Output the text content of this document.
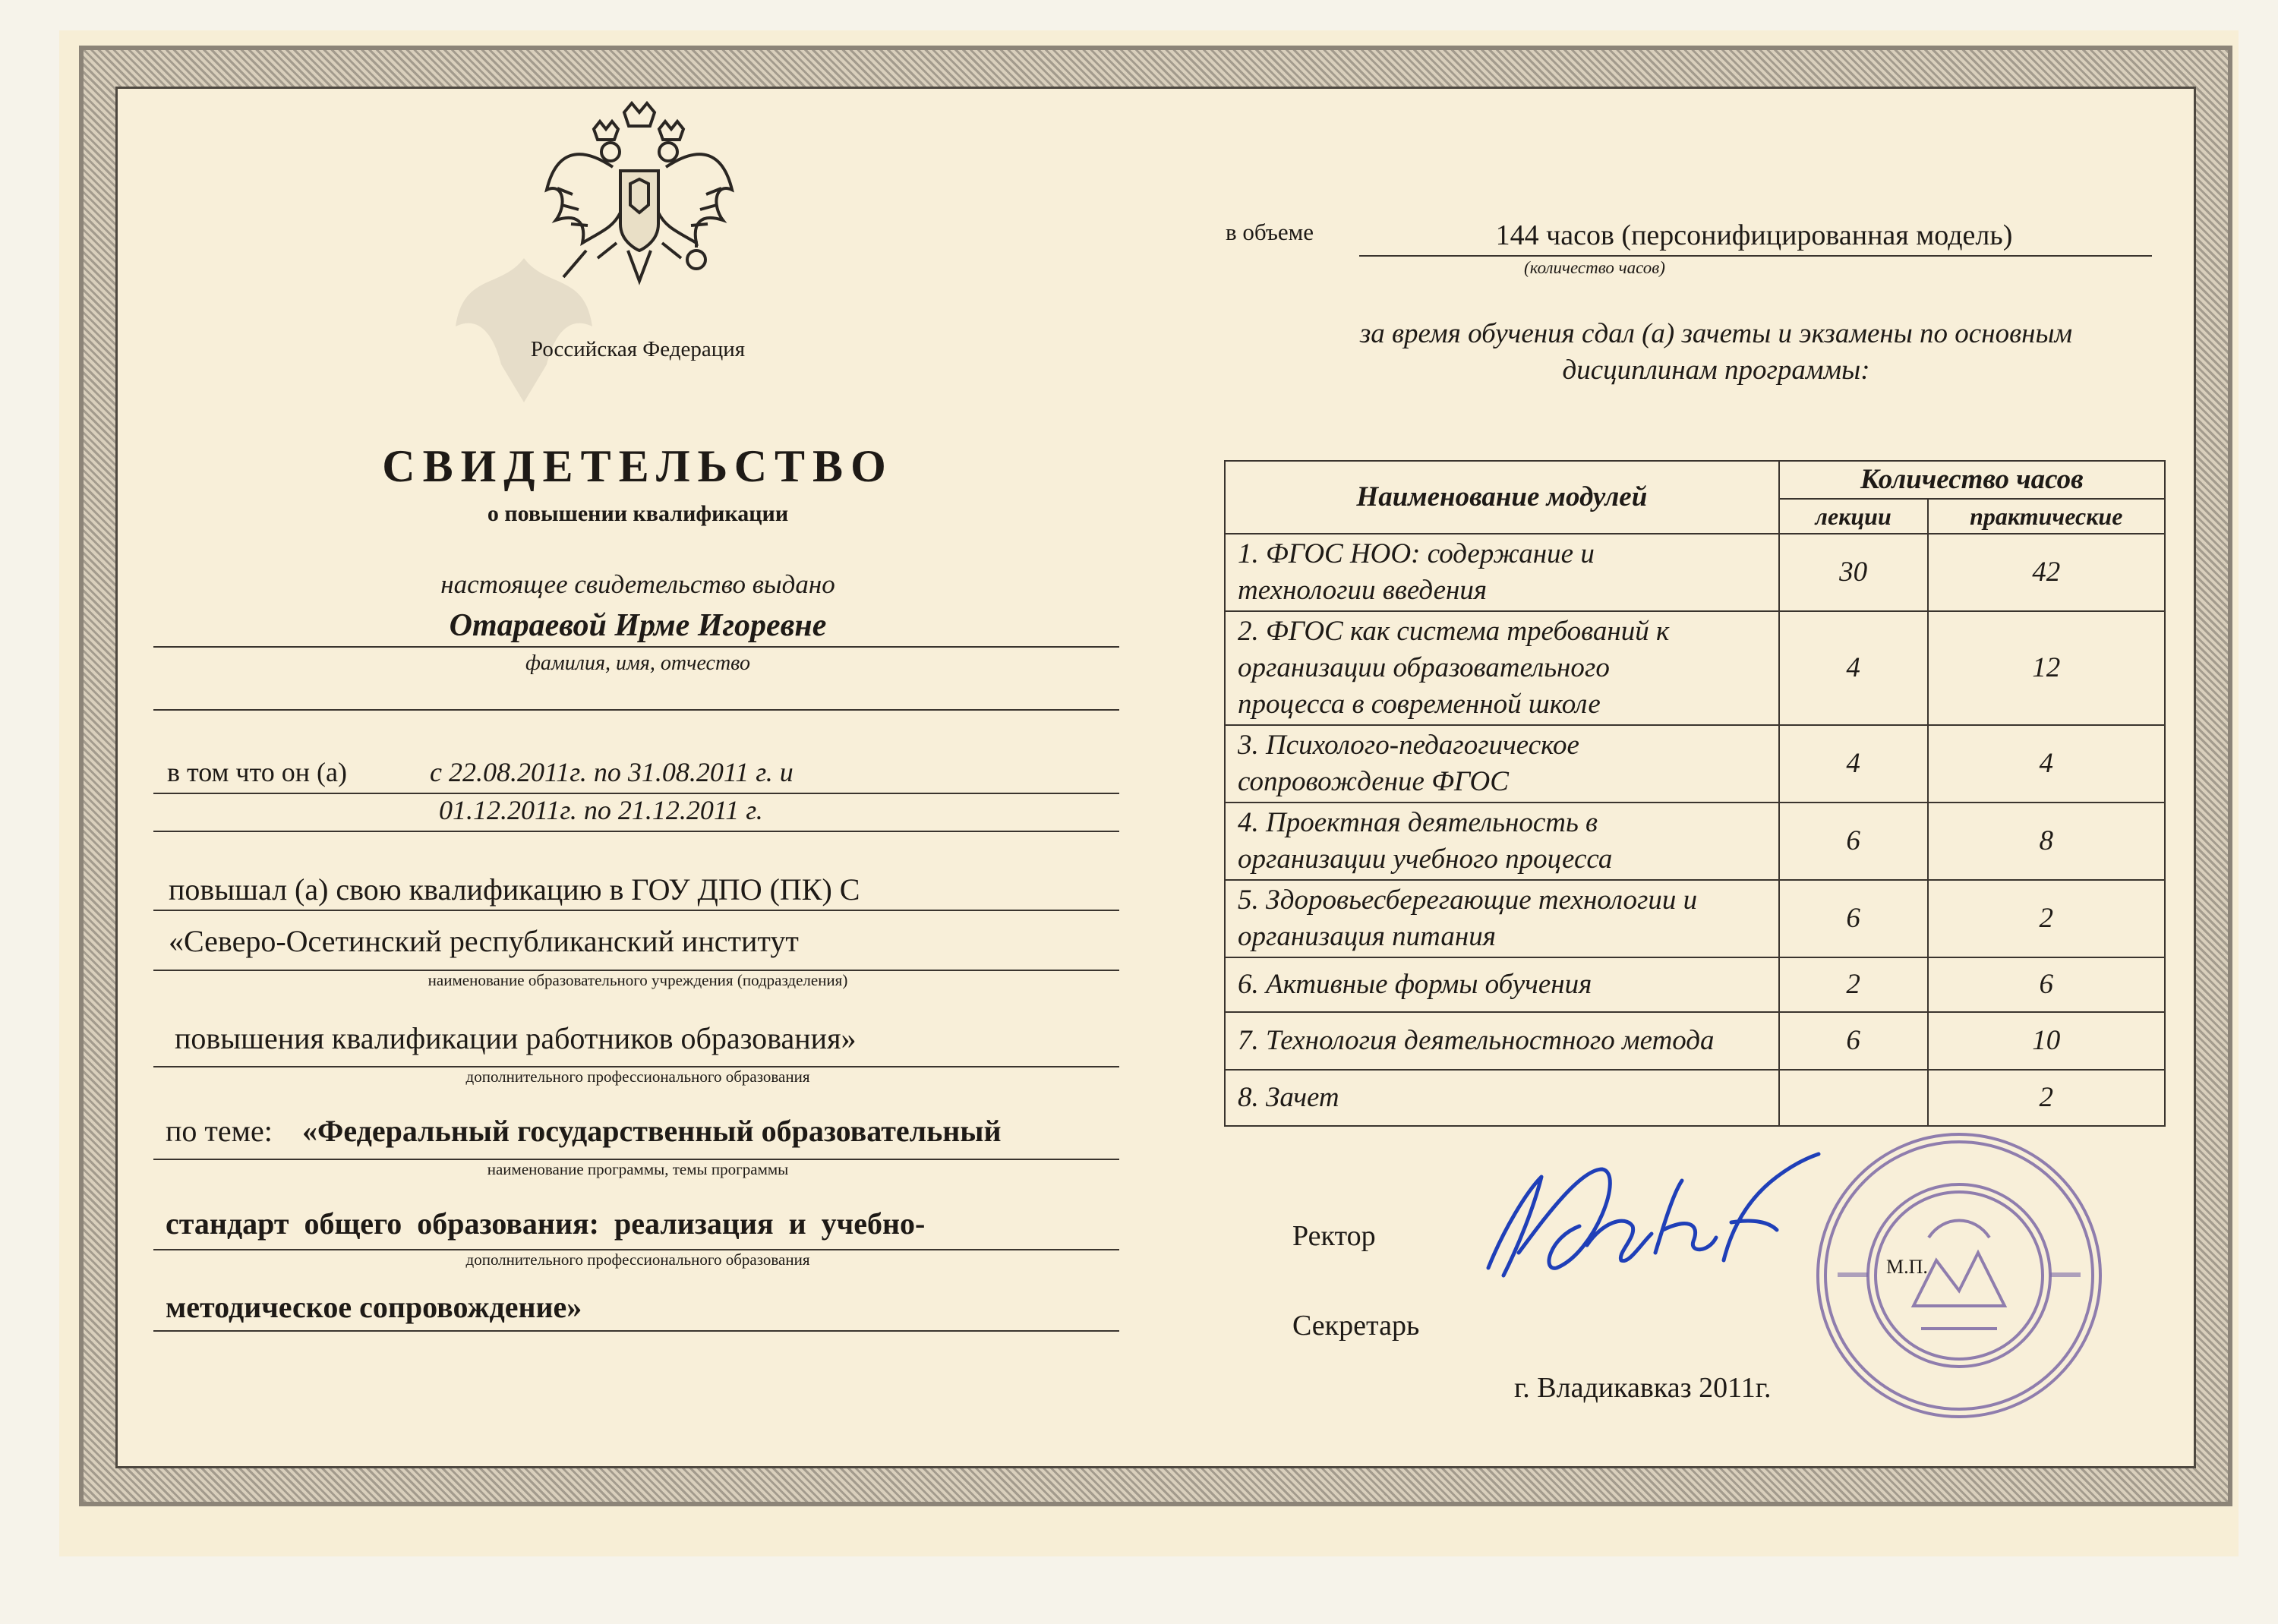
Российская Федерация
СВИДЕТЕЛЬСТВО
о повышении квалификации
настоящее свидетельство выдано
Отараевой Ирме Игоревне
фамилия, имя, отчество
в том что он (а)	с 22.08.2011г. по 31.08.2011 г. и
01.12.2011г. по 21.12.2011 г.
повышал (а) свою квалификацию в ГОУ ДПО (ПК) С
«Северо-Осетинский республиканский институт
наименование образовательного учреждения (подразделения)
повышения квалификации работников образования»
дополнительного профессионального образования
по теме: «Федеральный государственный образовательный
наименование программы, темы программы
стандарт общего образования: реализация и учебно-
дополнительного профессионального образования
методическое сопровождение»
в объеме	144 часов (персонифицированная модель)
(количество часов)
за время обучения сдал (а) зачеты и экзамены по основным
дисциплинам программы:
Наименование модулей	Количество часов	
	лекции	практические

1. ФГОС НОО: содержание и
технологии введения	30	42

2. ФГОС как система требований к
организации образовательного
процесса в современной школе	4	12

3. Психолого-педагогическое
сопровождение ФГОС	4	4

4. Проектная деятельность в
организации учебного процесса	6	8

5. Здоровьесберегающие технологии и
организация питания	6	2
6. Активные формы обучения	2	6
7. Технология деятельностного метода	6	10
8. Зачет		2
Ректор
Секретарь
г. Владикавказ 2011г.
М.П.
